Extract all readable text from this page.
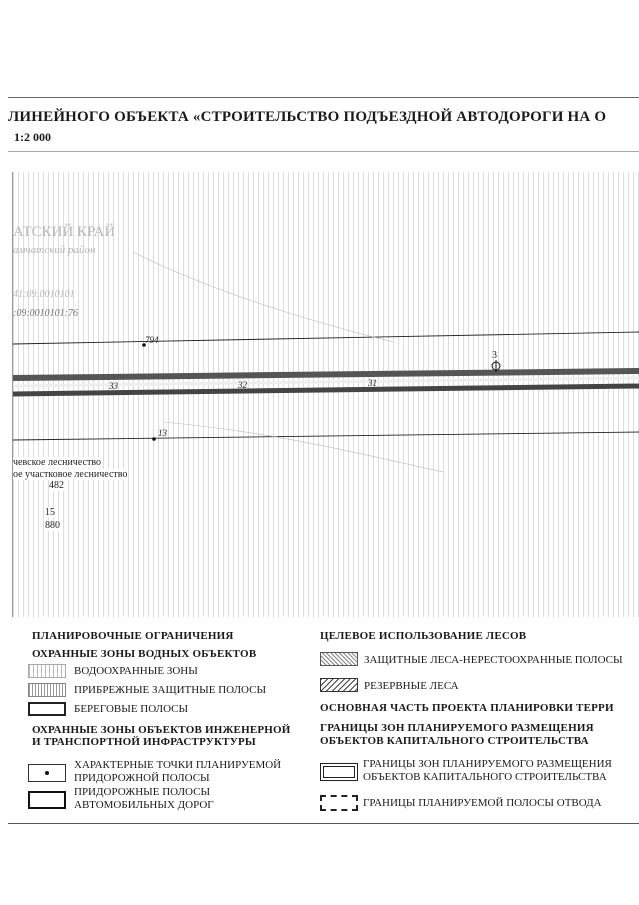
ЛИНЕЙНОГО ОБЪЕКТА «СТРОИТЕЛЬСТВО ПОДЪЕЗДНОЙ АВТОДОРОГИ НА О
1:2 000
АТСКИЙ КРАЙ
амчатский район
41:09:0010101
:09:0010101:76
794
3
33	32	31
13
чевское лесничество
ое участковое лесничество
482
15
880
ПЛАНИРОВОЧНЫЕ ОГРАНИЧЕНИЯ
ОХРАННЫЕ ЗОНЫ ВОДНЫХ ОБЪЕКТОВ
ВОДООХРАННЫЕ ЗОНЫ
ПРИБРЕЖНЫЕ ЗАЩИТНЫЕ ПОЛОСЫ
БЕРЕГОВЫЕ ПОЛОСЫ
ОХРАННЫЕ ЗОНЫ ОБЪЕКТОВ ИНЖЕНЕРНОЙ
И ТРАНСПОРТНОЙ ИНФРАСТРУКТУРЫ
ХАРАКТЕРНЫЕ ТОЧКИ ПЛАНИРУЕМОЙ
ПРИДОРОЖНОЙ ПОЛОСЫ
ПРИДОРОЖНЫЕ ПОЛОСЫ
АВТОМОБИЛЬНЫХ ДОРОГ
ЦЕЛЕВОЕ ИСПОЛЬЗОВАНИЕ ЛЕСОВ
ЗАЩИТНЫЕ ЛЕСА-НЕРЕСТООХРАННЫЕ ПОЛОСЫ
РЕЗЕРВНЫЕ ЛЕСА
ОСНОВНАЯ ЧАСТЬ ПРОЕКТА ПЛАНИРОВКИ ТЕРРИ
ГРАНИЦЫ ЗОН ПЛАНИРУЕМОГО РАЗМЕЩЕНИЯ
ОБЪЕКТОВ КАПИТАЛЬНОГО СТРОИТЕЛЬСТВА
ГРАНИЦЫ ЗОН ПЛАНИРУЕМОГО РАЗМЕЩЕНИЯ
ОБЪЕКТОВ КАПИТАЛЬНОГО СТРОИТЕЛЬСТВА
ГРАНИЦЫ ПЛАНИРУЕМОЙ ПОЛОСЫ ОТВОДА
